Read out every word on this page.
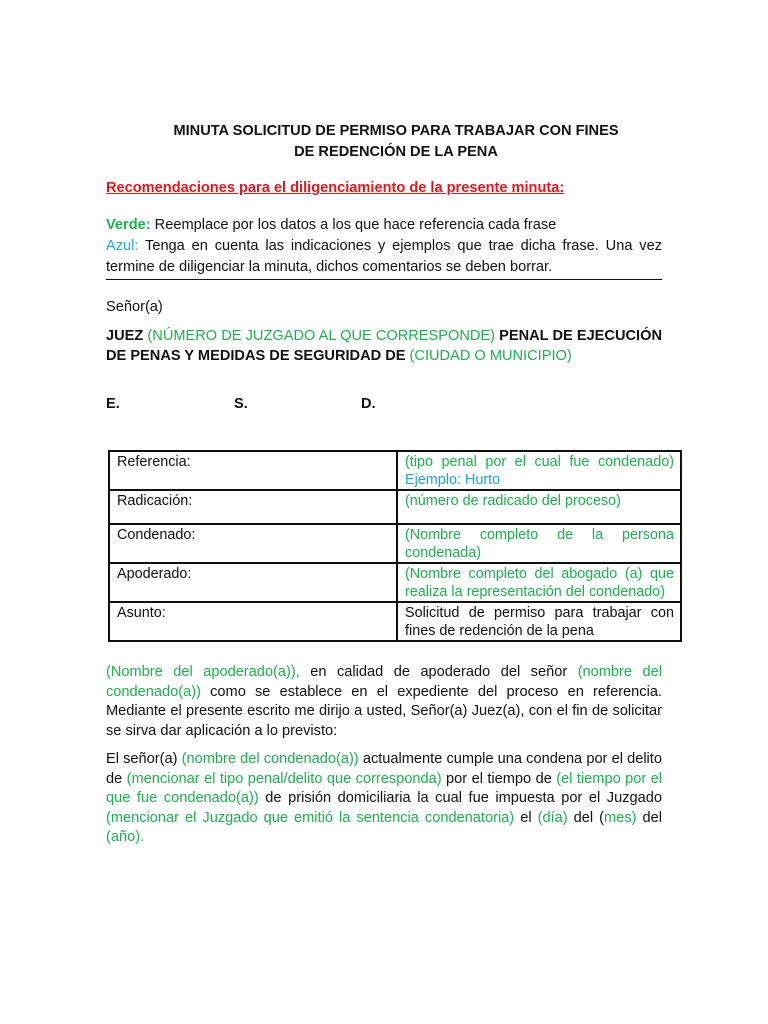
MINUTA SOLICITUD DE PERMISO PARA TRABAJAR CON FINES
DE REDENCIÓN DE LA PENA
Recomendaciones para el diligenciamiento de la presente minuta:
Verde: Reemplace por los datos a los que hace referencia cada frase
Azul: Tenga en cuenta las indicaciones y ejemplos que trae dicha frase. Una vez termine de diligenciar la minuta, dichos comentarios se deben borrar.
Señor(a)
JUEZ (NÚMERO DE JUZGADO AL QUE CORRESPONDE) PENAL DE EJECUCIÓN DE PENAS Y MEDIDAS DE SEGURIDAD DE (CIUDAD O MUNICIPIO)
E.	S.	D.
Referencia:	(tipo penal por el cual fue condenado) Ejemplo: Hurto
Radicación:	(número de radicado del proceso)
Condenado:	(Nombre completo de la persona condenada)
Apoderado:	(Nombre completo del abogado (a) que realiza la representación del condenado)
Asunto:	Solicitud de permiso para trabajar con fines de redención de la pena
(Nombre del apoderado(a)), en calidad de apoderado del señor (nombre del condenado(a)) como se establece en el expediente del proceso en referencia. Mediante el presente escrito me dirijo a usted, Señor(a) Juez(a), con el fin de solicitar se sirva dar aplicación a lo previsto:
El señor(a) (nombre del condenado(a)) actualmente cumple una condena por el delito de (mencionar el tipo penal/delito que corresponda) por el tiempo de (el tiempo por el que fue condenado(a)) de prisión domiciliaria la cual fue impuesta por el Juzgado (mencionar el Juzgado que emitió la sentencia condenatoria) el (día) del (mes) del (año).
